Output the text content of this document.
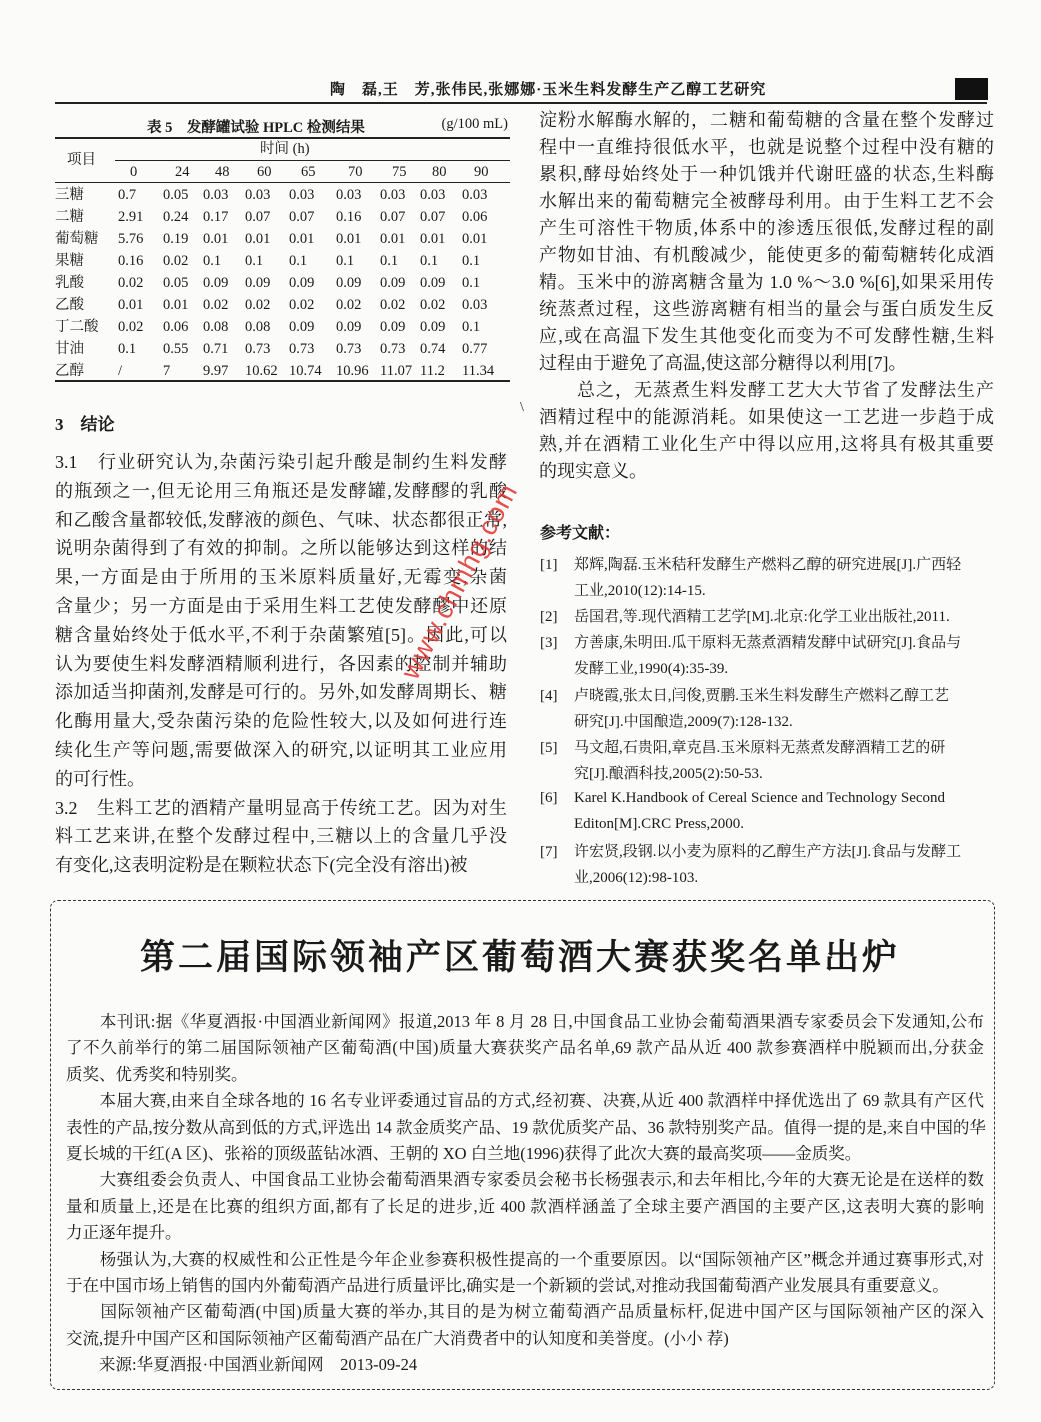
陶　磊,王　芳,张伟民,张娜娜·玉米生料发酵生产乙醇工艺研究
表 5　发酵罐试验 HPLC 检测结果	(g/100 mL)
项目
时间 (h)
0	24 48 60 65 70 75 80 90
三糖 0.7 0.05 0.03 0.03 0.03 0.03 0.03 0.03 0.03
二糖 2.91 0.24 0.17 0.07 0.07 0.16 0.07 0.07 0.06
葡萄糖 5.76 0.19 0.01 0.01 0.01 0.01 0.01 0.01 0.01
果糖 0.16 0.02 0.1 0.1 0.1 0.1 0.1 0.1 0.1
乳酸 0.02 0.05 0.09 0.09 0.09 0.09 0.09 0.09 0.1
乙酸 0.01 0.01 0.02 0.02 0.02 0.02 0.02 0.02 0.03
丁二酸 0.02 0.06 0.08 0.08 0.09 0.09 0.09 0.09 0.1
甘油 0.1 0.55 0.71 0.73 0.73 0.73 0.73 0.74 0.77
乙醇 /	7 9.97 10.62 10.74 10.96 11.07 11.2 11.34
3　结论
3.1　行业研究认为,杂菌污染引起升酸是制约生料发酵
的瓶颈之一,但无论用三角瓶还是发酵罐,发酵醪的乳酸
和乙酸含量都较低,发酵液的颜色、气味、状态都很正常,
说明杂菌得到了有效的抑制。之所以能够达到这样的结
果,一方面是由于所用的玉米原料质量好,无霉变,杂菌
含量少；另一方面是由于采用生料工艺使发酵醪中还原
糖含量始终处于低水平,不利于杂菌繁殖[5]。因此,可以
认为要使生料发酵酒精顺利进行，各因素的控制并辅助
添加适当抑菌剂,发酵是可行的。另外,如发酵周期长、糖
化酶用量大,受杂菌污染的危险性较大,以及如何进行连
续化生产等问题,需要做深入的研究,以证明其工业应用
的可行性。
3.2　生料工艺的酒精产量明显高于传统工艺。因为对生
料工艺来讲,在整个发酵过程中,三糖以上的含量几乎没
有变化,这表明淀粉是在颗粒状态下(完全没有溶出)被
淀粉水解酶水解的，二糖和葡萄糖的含量在整个发酵过
程中一直维持很低水平，也就是说整个过程中没有糖的
累积,酵母始终处于一种饥饿并代谢旺盛的状态,生料酶
水解出来的葡萄糖完全被酵母利用。由于生料工艺不会
产生可溶性干物质,体系中的渗透压很低,发酵过程的副
产物如甘油、有机酸减少，能使更多的葡萄糖转化成酒
精。玉米中的游离糖含量为 1.0 %～3.0 %[6],如果采用传
统蒸煮过程，这些游离糖有相当的量会与蛋白质发生反
应,或在高温下发生其他变化而变为不可发酵性糖,生料
过程由于避免了高温,使这部分糖得以利用[7]。
　　总之，无蒸煮生料发酵工艺大大节省了发酵法生产
酒精过程中的能源消耗。如果使这一工艺进一步趋于成
熟,并在酒精工业化生产中得以应用,这将具有极其重要
的现实意义。
\
参考文献：
[1]	郑辉,陶磊.玉米秸秆发酵生产燃料乙醇的研究进展[J].广西轻
工业,2010(12):14-15.
[2]	岳国君,等.现代酒精工艺学[M].北京:化学工业出版社,2011.
[3]	方善康,朱明田.瓜干原料无蒸煮酒精发酵中试研究[J].食品与
发酵工业,1990(4):35-39.
[4]	卢晓霞,张太日,闫俊,贾鹏.玉米生料发酵生产燃料乙醇工艺
研究[J].中国酿造,2009(7):128-132.
[5]	马文超,石贵阳,章克昌.玉米原料无蒸煮发酵酒精工艺的研
究[J].酿酒科技,2005(2):50-53.
[6]	Karel K.Handbook of Cereal Science and Technology Second
Editon[M].CRC Press,2000.
[7]	许宏贤,段钢.以小麦为原料的乙醇生产方法[J].食品与发酵工
业,2006(12):98-103.
第二届国际领袖产区葡萄酒大赛获奖名单出炉
　　本刊讯:据《华夏酒报·中国酒业新闻网》报道,2013 年 8 月 28 日,中国食品工业协会葡萄酒果酒专家委员会下发通知,公布
了不久前举行的第二届国际领袖产区葡萄酒(中国)质量大赛获奖产品名单,69 款产品从近 400 款参赛酒样中脱颖而出,分获金
质奖、优秀奖和特别奖。
　　本届大赛,由来自全球各地的 16 名专业评委通过盲品的方式,经初赛、决赛,从近 400 款酒样中择优选出了 69 款具有产区代
表性的产品,按分数从高到低的方式,评选出 14 款金质奖产品、19 款优质奖产品、36 款特别奖产品。值得一提的是,来自中国的华
夏长城的干红(A 区)、张裕的顶级蓝钻冰酒、王朝的 XO 白兰地(1996)获得了此次大赛的最高奖项——金质奖。
　　大赛组委会负责人、中国食品工业协会葡萄酒果酒专家委员会秘书长杨强表示,和去年相比,今年的大赛无论是在送样的数
量和质量上,还是在比赛的组织方面,都有了长足的进步,近 400 款酒样涵盖了全球主要产酒国的主要产区,这表明大赛的影响
力正逐年提升。
　　杨强认为,大赛的权威性和公正性是今年企业参赛积极性提高的一个重要原因。以“国际领袖产区”概念并通过赛事形式,对
于在中国市场上销售的国内外葡萄酒产品进行质量评比,确实是一个新颖的尝试,对推动我国葡萄酒产业发展具有重要意义。
　　国际领袖产区葡萄酒(中国)质量大赛的举办,其目的是为树立葡萄酒产品质量标杆,促进中国产区与国际领袖产区的深入
交流,提升中国产区和国际领袖产区葡萄酒产品在广大消费者中的认知度和美誉度。(小小 荐)
　　来源:华夏酒报·中国酒业新闻网　2013-09-24
www.chmhg.com
